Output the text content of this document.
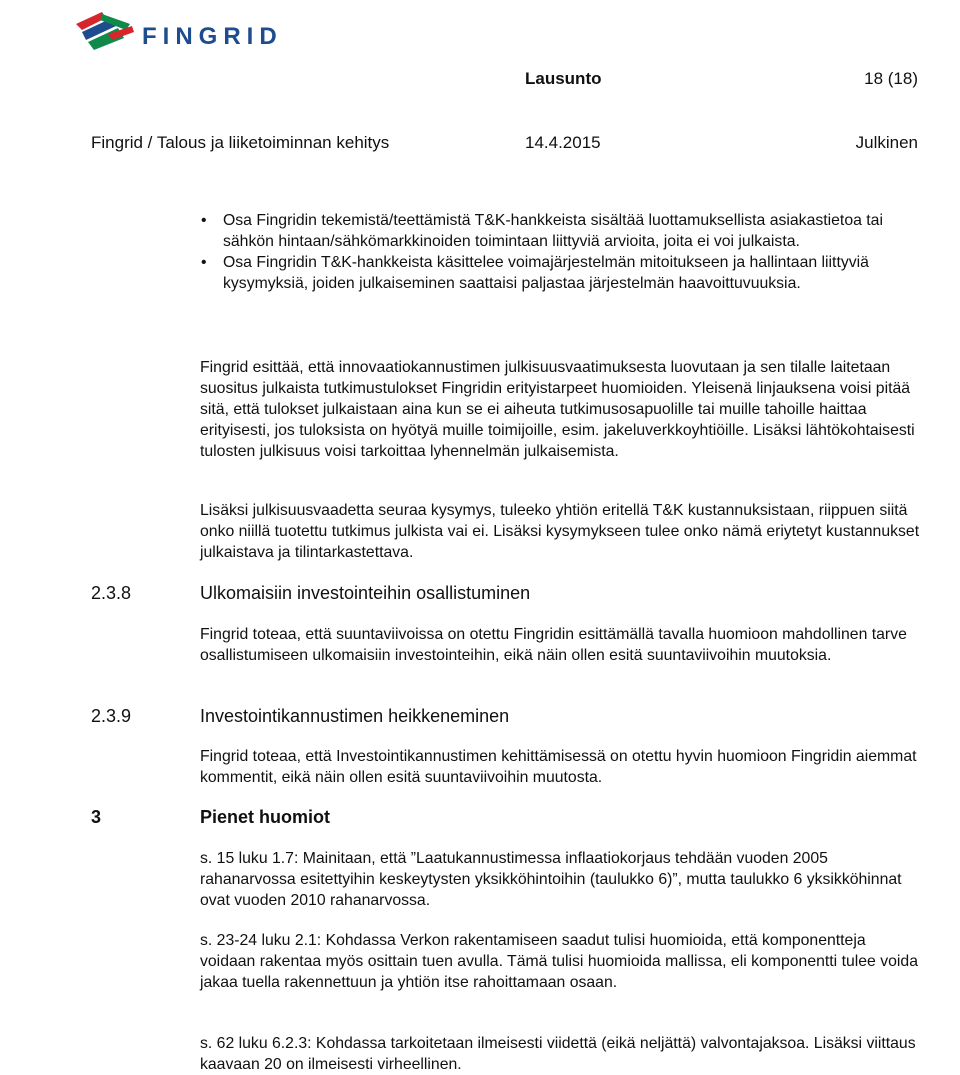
FINGRID
Lausunto	18 (18)
Fingrid / Talous ja liiketoiminnan kehitys	14.4.2015	Julkinen
• Osa Fingridin tekemistä/teettämistä T&K-hankkeista sisältää luottamuksellista asiakastietoa tai sähkön hintaan/sähkömarkkinoiden toimintaan liittyviä arvioita, joita ei voi julkaista.
• Osa Fingridin T&K-hankkeista käsittelee voimajärjestelmän mitoitukseen ja hallintaan liittyviä kysymyksiä, joiden julkaiseminen saattaisi paljastaa järjestelmän haavoittuvuuksia.

Fingrid esittää, että innovaatiokannustimen julkisuusvaatimuksesta luovutaan ja sen tilalle laitetaan suositus julkaista tutkimustulokset Fingridin erityistarpeet huomioiden. Yleisenä linjauksena voisi pitää sitä, että tulokset julkaistaan aina kun se ei aiheuta tutkimusosapuolille tai muille tahoille haittaa erityisesti, jos tuloksista on hyötyä muille toimijoille, esim. jakeluverkkoyhtiöille. Lisäksi lähtökohtaisesti tulosten julkisuus voisi tarkoittaa lyhennelmän julkaisemista.

Lisäksi julkisuusvaadetta seuraa kysymys, tuleeko yhtiön eritellä T&K kustannuksistaan, riippuen siitä onko niillä tuotettu tutkimus julkista vai ei. Lisäksi kysymykseen tulee onko nämä eriytetyt kustannukset julkaistava ja tilintarkastettava.

2.3.8	Ulkomaisiin investointeihin osallistuminen

Fingrid toteaa, että suuntaviivoissa on otettu Fingridin esittämällä tavalla huomioon mahdollinen tarve osallistumiseen ulkomaisiin investointeihin, eikä näin ollen esitä suuntaviivoihin muutoksia.

2.3.9	Investointikannustimen heikkeneminen

Fingrid toteaa, että Investointikannustimen kehittämisessä on otettu hyvin huomioon Fingridin aiemmat kommentit, eikä näin ollen esitä suuntaviivoihin muutosta.

3	Pienet huomiot

s. 15 luku 1.7: Mainitaan, että ”Laatukannustimessa inflaatiokorjaus tehdään vuoden 2005 rahanarvossa esitettyihin keskeytysten yksikköhintoihin (taulukko 6)”, mutta taulukko 6 yksikköhinnat ovat vuoden 2010 rahanarvossa.

s. 23-24 luku 2.1: Kohdassa Verkon rakentamiseen saadut tulisi huomioida, että komponentteja voidaan rakentaa myös osittain tuen avulla. Tämä tulisi huomioida mallissa, eli komponentti tulee voida jakaa tuella rakennettuun ja yhtiön itse rahoittamaan osaan.

s. 62 luku 6.2.3: Kohdassa tarkoitetaan ilmeisesti viidettä (eikä neljättä) valvontajaksoa. Lisäksi viittaus kaavaan 20 on ilmeisesti virheellinen.
